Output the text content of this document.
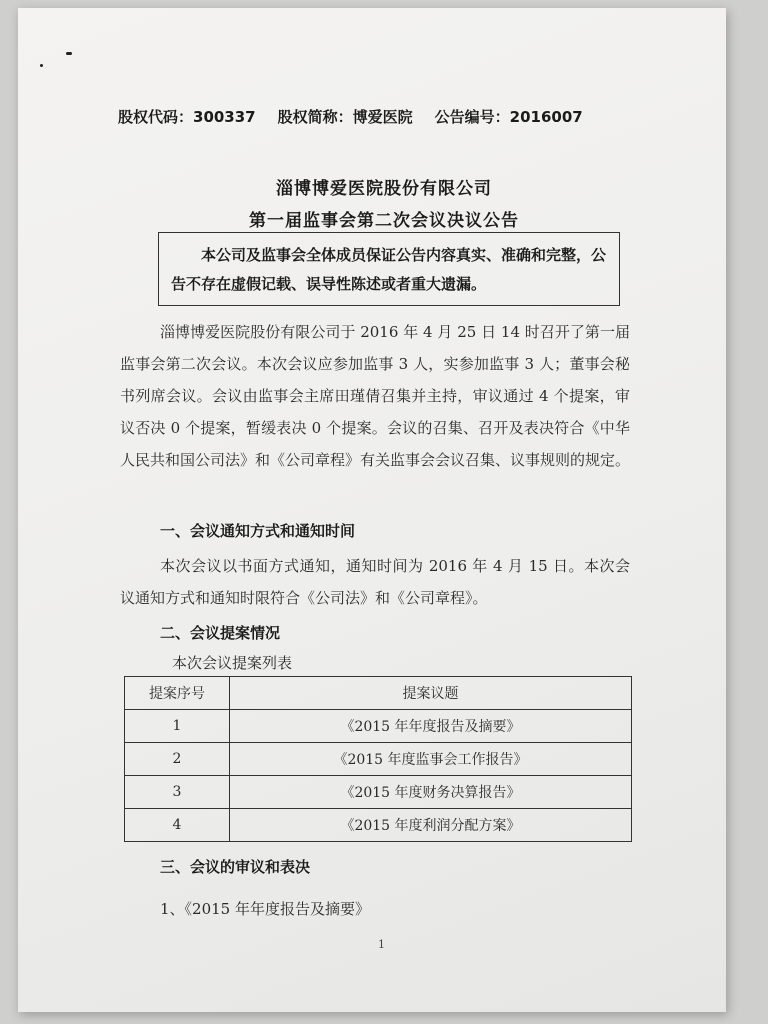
股权代码：300337 股权简称：博爱医院 公告编号：2016007
淄博博爱医院股份有限公司
第一届监事会第二次会议决议公告
本公司及监事会全体成员保证公告内容真实、准确和完整，公告不存在虚假记载、误导性陈述或者重大遗漏。
淄博博爱医院股份有限公司于 2016 年 4 月 25 日 14 时召开了第一届监事会第二次会议。本次会议应参加监事 3 人，实参加监事 3 人；董事会秘书列席会议。会议由监事会主席田瑾倩召集并主持，审议通过 4 个提案，审议否决 0 个提案，暂缓表决 0 个提案。会议的召集、召开及表决符合《中华人民共和国公司法》和《公司章程》有关监事会会议召集、议事规则的规定。
一、会议通知方式和通知时间
本次会议以书面方式通知，通知时间为 2016 年 4 月 15 日。本次会议通知方式和通知时限符合《公司法》和《公司章程》。
二、会议提案情况
本次会议提案列表
提案序号	提案议题
1	《2015 年年度报告及摘要》
2	《2015 年度监事会工作报告》
3	《2015 年度财务决算报告》
4	《2015 年度利润分配方案》
三、会议的审议和表决
1、《2015 年年度报告及摘要》
1
